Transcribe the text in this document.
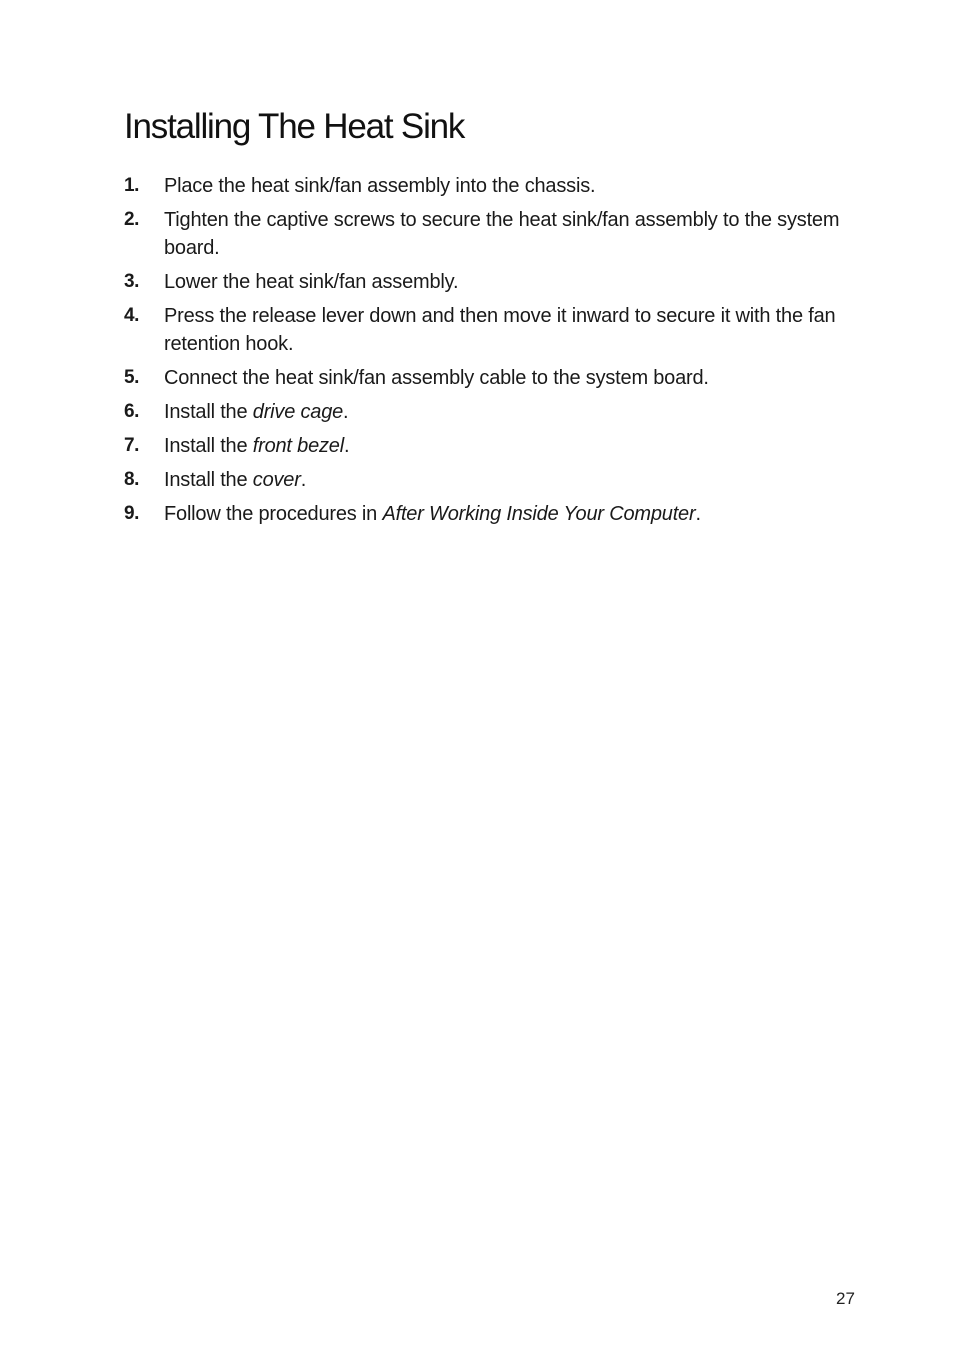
Installing The Heat Sink
1. Place the heat sink/fan assembly into the chassis.
2. Tighten the captive screws to secure the heat sink/fan assembly to the system board.
3. Lower the heat sink/fan assembly.
4. Press the release lever down and then move it inward to secure it with the fan retention hook.
5. Connect the heat sink/fan assembly cable to the system board.
6. Install the drive cage.
7. Install the front bezel.
8. Install the cover.
9. Follow the procedures in After Working Inside Your Computer.
27
